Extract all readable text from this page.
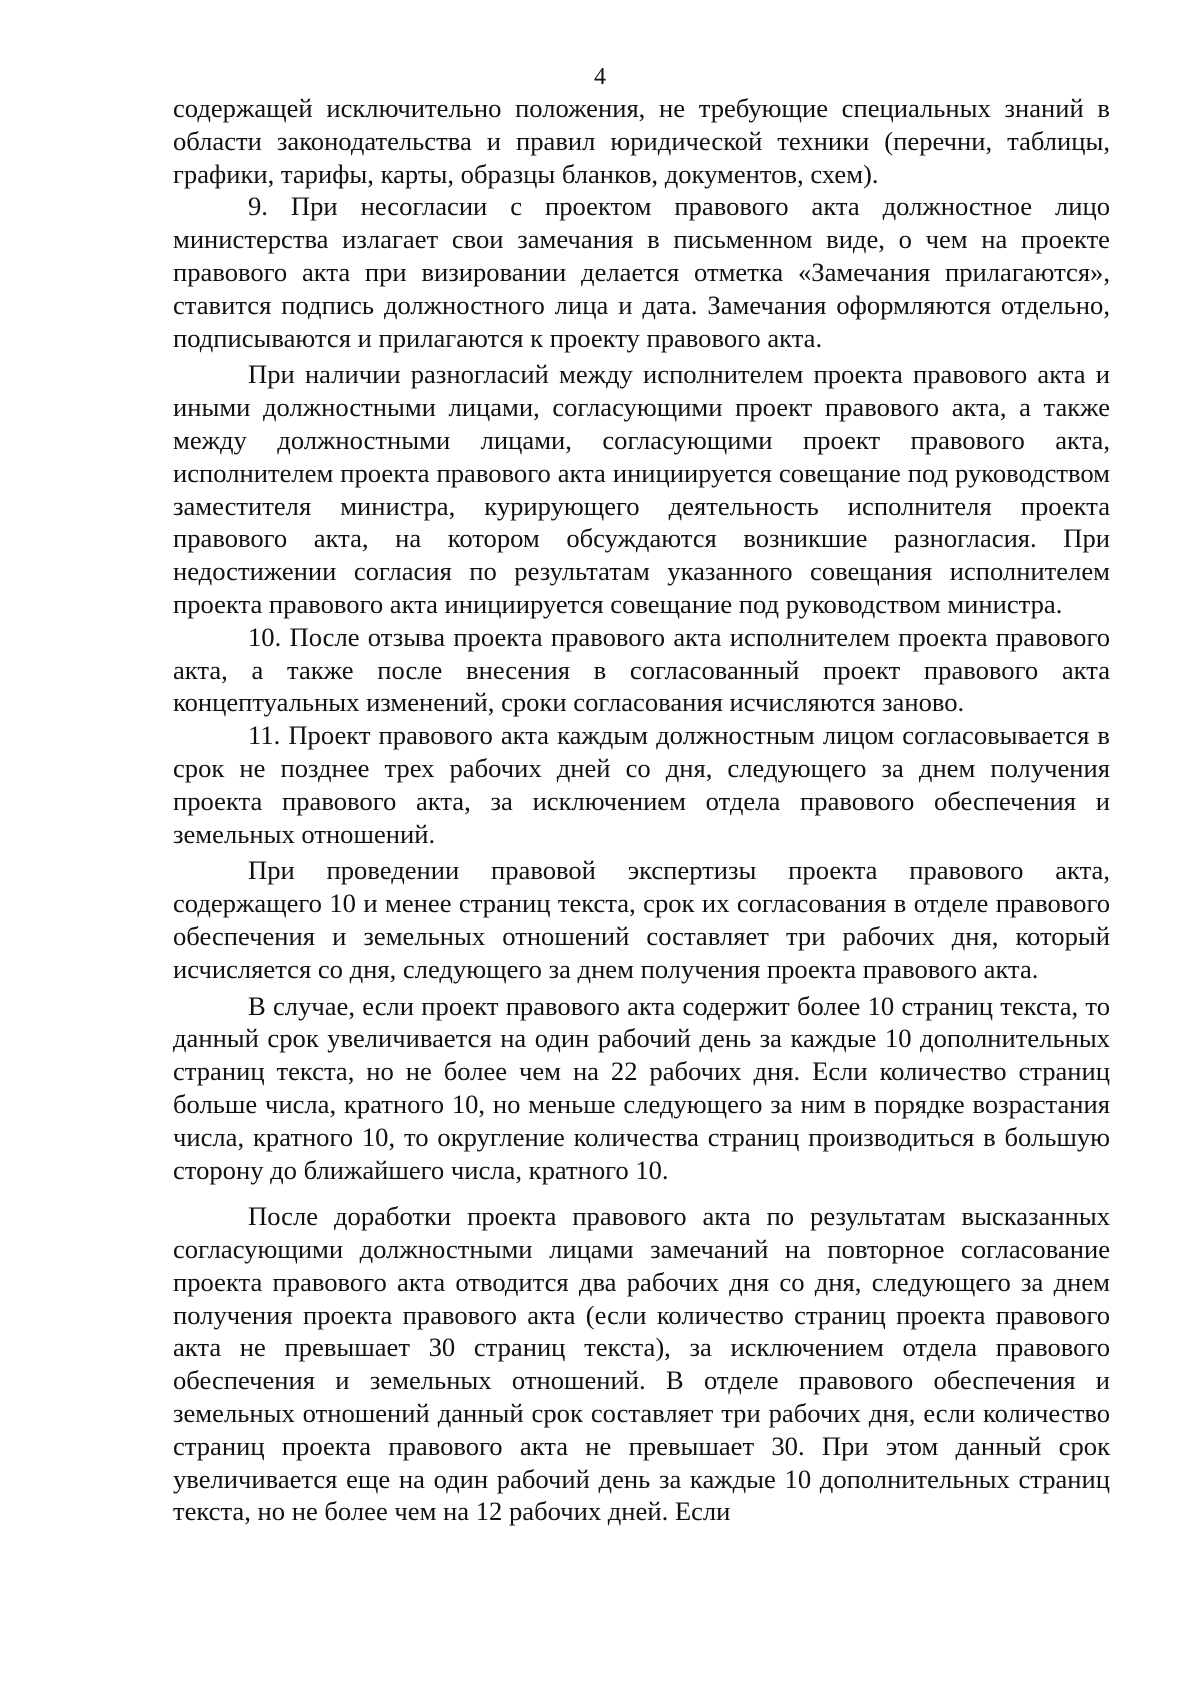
4

содержащей исключительно положения, не требующие специальных знаний в области законодательства и правил юридической техники (перечни, таблицы, графики, тарифы, карты, образцы бланков, документов, схем).

9. При несогласии с проектом правового акта должностное лицо министерства излагает свои замечания в письменном виде, о чем на проекте правового акта при визировании делается отметка «Замечания прилагаются», ставится подпись должностного лица и дата. Замечания оформляются отдельно, подписываются и прилагаются к проекту правового акта.

При наличии разногласий между исполнителем проекта правового акта и иными должностными лицами, согласующими проект правового акта, а также между должностными лицами, согласующими проект правового акта, исполнителем проекта правового акта инициируется совещание под руководством заместителя министра, курирующего деятельность исполнителя проекта правового акта, на котором обсуждаются возникшие разногласия. При недостижении согласия по результатам указанного совещания исполнителем проекта правового акта инициируется совещание под руководством министра.

10. После отзыва проекта правового акта исполнителем проекта правового акта, а также после внесения в согласованный проект правового акта концептуальных изменений, сроки согласования исчисляются заново.

11. Проект правового акта каждым должностным лицом согласовывается в срок не позднее трех рабочих дней со дня, следующего за днем получения проекта правового акта, за исключением отдела правового обеспечения и земельных отношений.

При проведении правовой экспертизы проекта правового акта, содержащего 10 и менее страниц текста, срок их согласования в отделе правового обеспечения и земельных отношений составляет три рабочих дня, который исчисляется со дня, следующего за днем получения проекта правового акта.

В случае, если проект правового акта содержит более 10 страниц текста, то данный срок увеличивается на один рабочий день за каждые 10 дополнительных страниц текста, но не более чем на 22 рабочих дня. Если количество страниц больше числа, кратного 10, но меньше следующего за ним в порядке возрастания числа, кратного 10, то округление количества страниц производиться в большую сторону до ближайшего числа, кратного 10.

После доработки проекта правового акта по результатам высказанных согласующими должностными лицами замечаний на повторное согласование проекта правового акта отводится два рабочих дня со дня, следующего за днем получения проекта правового акта (если количество страниц проекта правового акта не превышает 30 страниц текста), за исключением отдела правового обеспечения и земельных отношений. В отделе правового обеспечения и земельных отношений данный срок составляет три рабочих дня, если количество страниц проекта правового акта не превышает 30. При этом данный срок увеличивается еще на один рабочий день за каждые 10 дополнительных страниц текста, но не более чем на 12 рабочих дней. Если
